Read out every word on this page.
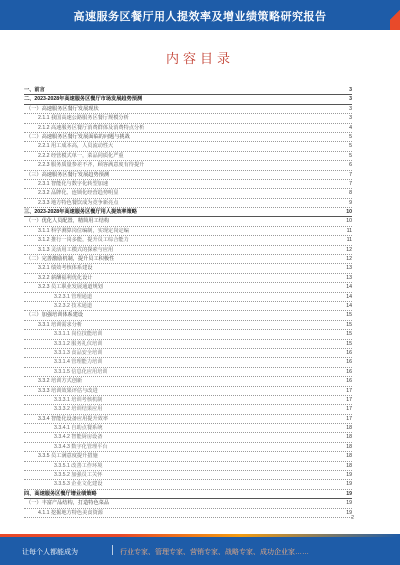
高速服务区餐厅用人提效率及增业绩策略研究报告
内容目录
一、前言	3
二、2023-2028年高速服务区餐厅市场发展趋势预测	3
（一）高速服务区餐厅发展现状	3
2.1.1 我国高速公路服务区餐厅规模分析	3
2.1.2 高速服务区餐厅消费群体及消费特点分析	4
（二）高速服务区餐厅发展面临的问题与挑战	5
2.2.1 用工成本高，人员流动性大	5
2.2.2 经营模式单一，菜品同质化严重	5
2.2.3 服务质量参差不齐，顾客满意度有待提升	6
（三）高速服务区餐厅发展趋势预测	7
2.3.1 智能化与数字化转型加速	7
2.3.2 品牌化、连锁化经营趋势明显	8
2.3.3 地方特色餐饮成为竞争新亮点	9
三、2023-2028年高速服务区餐厅用人提效率策略	10
（一）优化人员配置，精简用工结构	10
3.1.1 科学测算岗位编制，实现定岗定编	11
3.1.2 推行一岗多能，提升员工综合能力	11
3.1.3 灵活用工模式的探索与应用	12
（二）完善激励机制，提升员工积极性	12
3.2.1 绩效考核体系建设	13
3.2.2 薪酬福利优化设计	13
3.2.3 员工职业发展通道规划	14
3.2.3.1 管理通道	14
3.2.3.2 技术通道	14
（三）加强培训体系建设	15
3.3.1 培训需求分析	15
3.3.1.1 岗位技能培训	15
3.3.1.2 服务礼仪培训	15
3.3.1.3 食品安全培训	16
3.3.1.4 管理能力培训	16
3.3.1.5 信息化应用培训	16
3.3.2 培训方式创新	16
3.3.3 培训效果评估与改进	17
3.3.3.1 培训考核机制	17
3.3.3.2 培训结果应用	17
3.3.4 智能化设备应用提升效率	17
3.3.4.1 自助点餐系统	18
3.3.4.2 智能厨房设备	18
3.3.4.3 数字化管理平台	18
3.3.5 员工满意度提升措施	18
3.3.5.1 改善工作环境	18
3.3.5.2 加强员工关怀	19
3.3.5.3 企业文化建设	19
四、高速服务区餐厅增业绩策略	19
（一）丰富产品结构，打造特色菜品	19
4.1.1 挖掘地方特色美食资源	19
2
让每个人都能成为	行业专家、管理专家、营销专家、战略专家、成功企业家……
